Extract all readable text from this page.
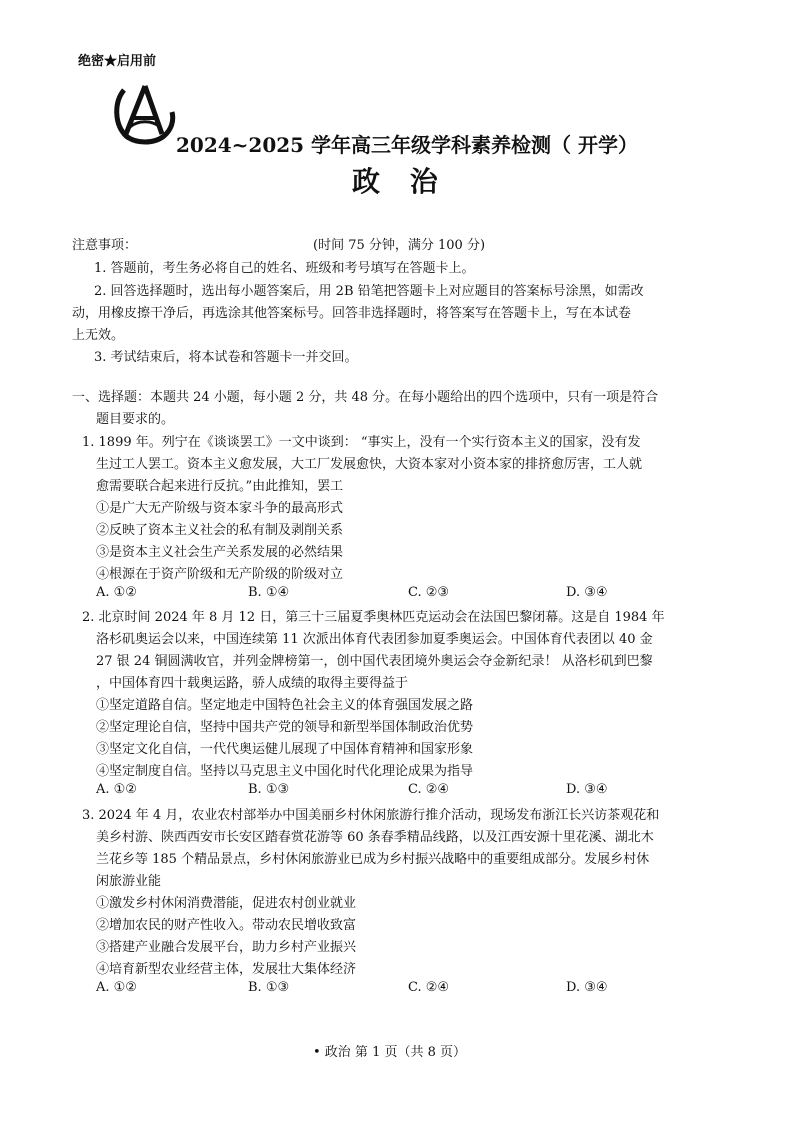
绝密★启用前
2024~2025 学年高三年级学科素养检测（ 开学）
政 治
注意事项：	(时间 75 分钟，满分 100 分)
1. 答题前，考生务必将自己的姓名、班级和考号填写在答题卡上。
2. 回答选择题时，选出每小题答案后，用 2B 铅笔把答题卡上对应题目的答案标号涂黑，如需改
动，用橡皮擦干净后，再选涂其他答案标号。回答非选择题时，将答案写在答题卡上，写在本试卷
上无效。
3. 考试结束后，将本试卷和答题卡一并交回。
一、选择题：本题共 24 小题，每小题 2 分，共 48 分。在每小题给出的四个选项中，只有一项是符合
题目要求的。
1. 1899 年。列宁在《谈谈罢工》一文中谈到： “事实上，没有一个实行资本主义的国家，没有发
生过工人罢工。资本主义愈发展，大工厂发展愈快，大资本家对小资本家的排挤愈厉害，工人就
愈需要联合起来进行反抗。”由此推知，罢工
①是广大无产阶级与资本家斗争的最高形式
②反映了资本主义社会的私有制及剥削关系
③是资本主义社会生产关系发展的必然结果
④根源在于资产阶级和无产阶级的阶级对立
A. ①②	B. ①④	C. ②③	D. ③④
2. 北京时间 2024 年 8 月 12 日，第三十三届夏季奥林匹克运动会在法国巴黎闭幕。这是自 1984 年
洛杉矶奥运会以来，中国连续第 11 次派出体育代表团参加夏季奥运会。中国体育代表团以 40 金
27 银 24 铜圆满收官，并列金牌榜第一，创中国代表团境外奥运会夺金新纪录！ 从洛杉矶到巴黎
，中国体育四十载奥运路，骄人成绩的取得主要得益于
①坚定道路自信。坚定地走中国特色社会主义的体育强国发展之路
②坚定理论自信，坚持中国共产党的领导和新型举国体制政治优势
③坚定文化自信，一代代奥运健儿展现了中国体育精神和国家形象
④坚定制度自信。坚持以马克思主义中国化时代化理论成果为指导
A. ①②	B. ①③	C. ②④	D. ③④
3. 2024 年 4 月，农业农村部举办中国美丽乡村休闲旅游行推介活动，现场发布浙江长兴访茶观花和
美乡村游、陕西西安市长安区踏春赏花游等 60 条春季精品线路，以及江西安源十里花溪、湖北木
兰花乡等 185 个精品景点，乡村休闲旅游业已成为乡村振兴战略中的重要组成部分。发展乡村休
闲旅游业能
①激发乡村休闲消费潜能，促进农村创业就业
②增加农民的财产性收入。带动农民增收致富
③搭建产业融合发展平台，助力乡村产业振兴
④培育新型农业经营主体，发展壮大集体经济
A. ①②	B. ①③	C. ②④	D. ③④
• 政治 第 1 页（共 8 页）
